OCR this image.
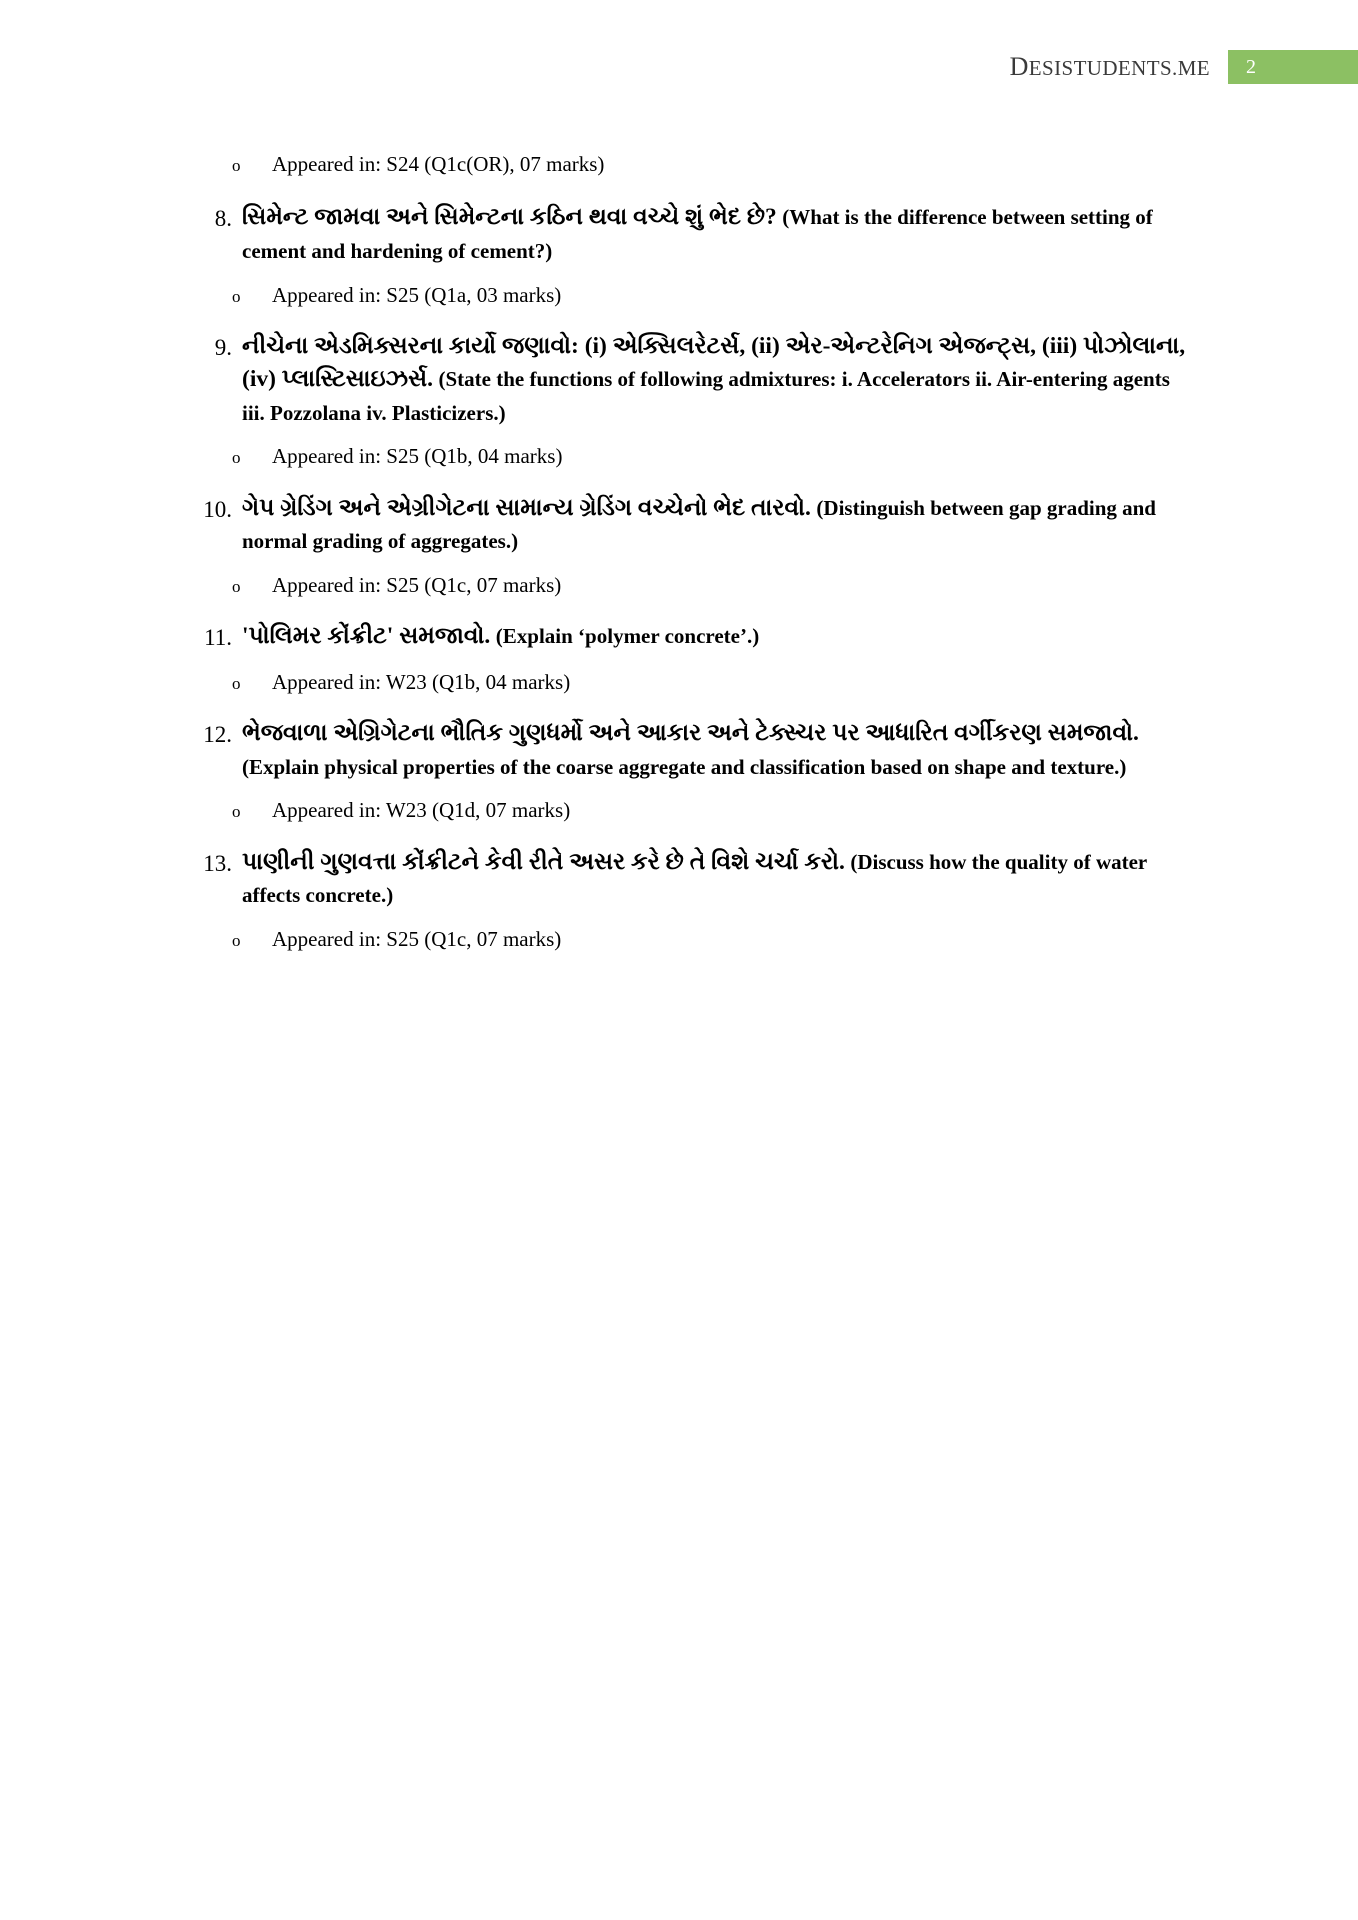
DESISTUDENTS.ME 2
o	Appeared in: S24 (Q1c(OR), 07 marks)
8. સિમેન્ટ જામવા અને સિમેન્ટના કઠિન થવા વચ્ચે શું ભેદ છે? (What is the difference between setting of cement and hardening of cement?)
o	Appeared in: S25 (Q1a, 03 marks)
9. નીચેના એડમિક્સરના કાર્યો જણાવો: (i) એક્સિલરેટર્સ, (ii) એર-એન્ટરેનિગ એજન્ટ્સ, (iii) પોઝોલાના, (iv) પ્લાસ્ટિસાઇઝર્સ. (State the functions of following admixtures: i. Accelerators ii. Air-entering agents iii. Pozzolana iv. Plasticizers.)
o	Appeared in: S25 (Q1b, 04 marks)
10. ગેપ ગ્રેડિંગ અને એગ્રીગેટના સામાન્ય ગ્રેડિંગ વચ્ચેનો ભેદ તારવો. (Distinguish between gap grading and normal grading of aggregates.)
o	Appeared in: S25 (Q1c, 07 marks)
11. 'પોલિમર કોંક્રીટ' સમજાવો. (Explain ‘polymer concrete’.)
o	Appeared in: W23 (Q1b, 04 marks)
12. ભેજવાળા એગ્રિગેટના ભૌતિક ગુણધર્મો અને આકાર અને ટેક્સ્ચર પર આધારિત વર્ગીકરણ સમજાવો. (Explain physical properties of the coarse aggregate and classification based on shape and texture.)
o	Appeared in: W23 (Q1d, 07 marks)
13. પાણીની ગુણવત્તા કોંક્રીટને કેવી રીતે અસર કરે છે તે વિશે ચર્ચા કરો. (Discuss how the quality of water affects concrete.)
o	Appeared in: S25 (Q1c, 07 marks)
